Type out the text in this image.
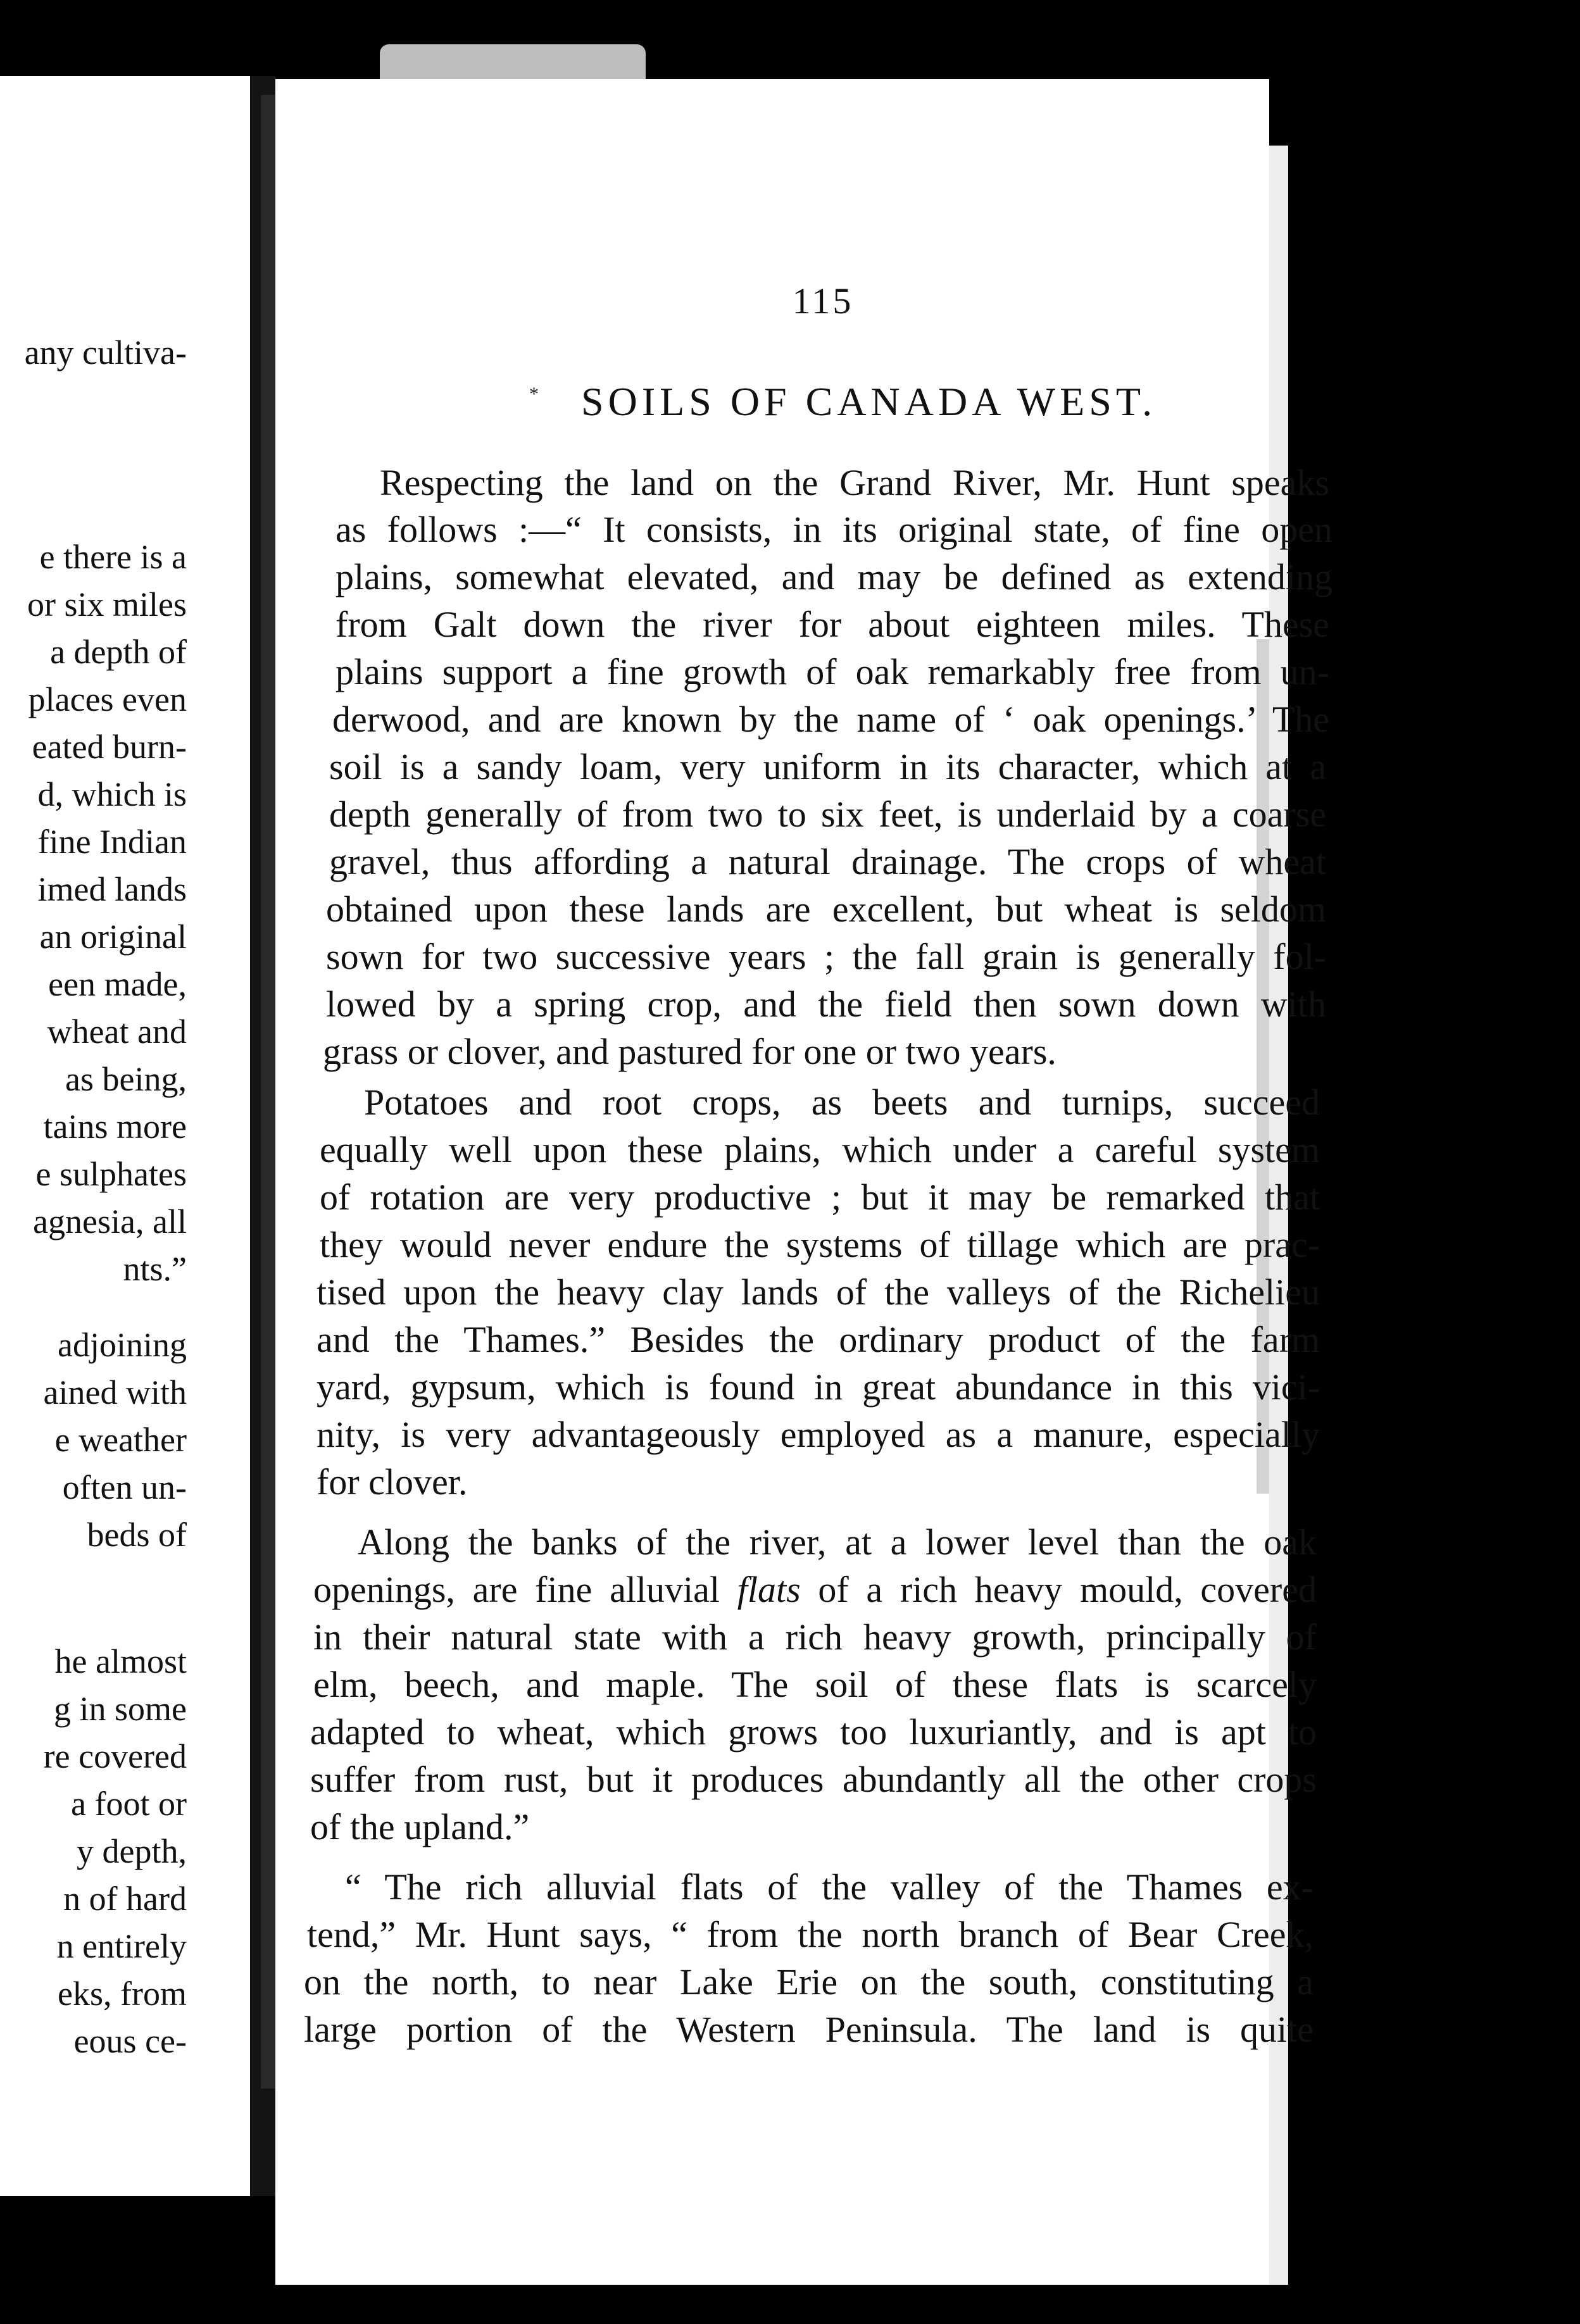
any cultiva-
e there is a
or six miles
a depth of
places even
eated burn-
d, which is
fine Indian
imed lands
an original
een made,
wheat and
as being,
tains more
e sulphates
agnesia, all
nts.”
adjoining
ained with
e weather
often un-
beds of
he almost
g in some
re covered
a foot or
y depth,
n of hard
n entirely
eks, from
eous ce-
115
* SOILS OF CANADA WEST.
Respecting the land on the Grand River, Mr. Hunt speaks
as follows :—“ It consists, in its original state, of fine open
plains, somewhat elevated, and may be defined as extending
from Galt down the river for about eighteen miles. These
plains support a fine growth of oak remarkably free from un-
derwood, and are known by the name of ‘ oak openings.’ The
soil is a sandy loam, very uniform in its character, which at a
depth generally of from two to six feet, is underlaid by a coarse
gravel, thus affording a natural drainage. The crops of wheat
obtained upon these lands are excellent, but wheat is seldom
sown for two successive years ; the fall grain is generally fol-
lowed by a spring crop, and the field then sown down with
grass or clover, and pastured for one or two years.
Potatoes and root crops, as beets and turnips, succeed
equally well upon these plains, which under a careful system
of rotation are very productive ; but it may be remarked that
they would never endure the systems of tillage which are prac-
tised upon the heavy clay lands of the valleys of the Richelieu
and the Thames.” Besides the ordinary product of the farm
yard, gypsum, which is found in great abundance in this vici-
nity, is very advantageously employed as a manure, especially
for clover.
Along the banks of the river, at a lower level than the oak
openings, are fine alluvial flats of a rich heavy mould, covered
in their natural state with a rich heavy growth, principally of
elm, beech, and maple. The soil of these flats is scarcely
adapted to wheat, which grows too luxuriantly, and is apt to
suffer from rust, but it produces abundantly all the other crops
of the upland.”
“ The rich alluvial flats of the valley of the Thames ex-
tend,” Mr. Hunt says, “ from the north branch of Bear Creek,
on the north, to near Lake Erie on the south, constituting a
large portion of the Western Peninsula. The land is quite
